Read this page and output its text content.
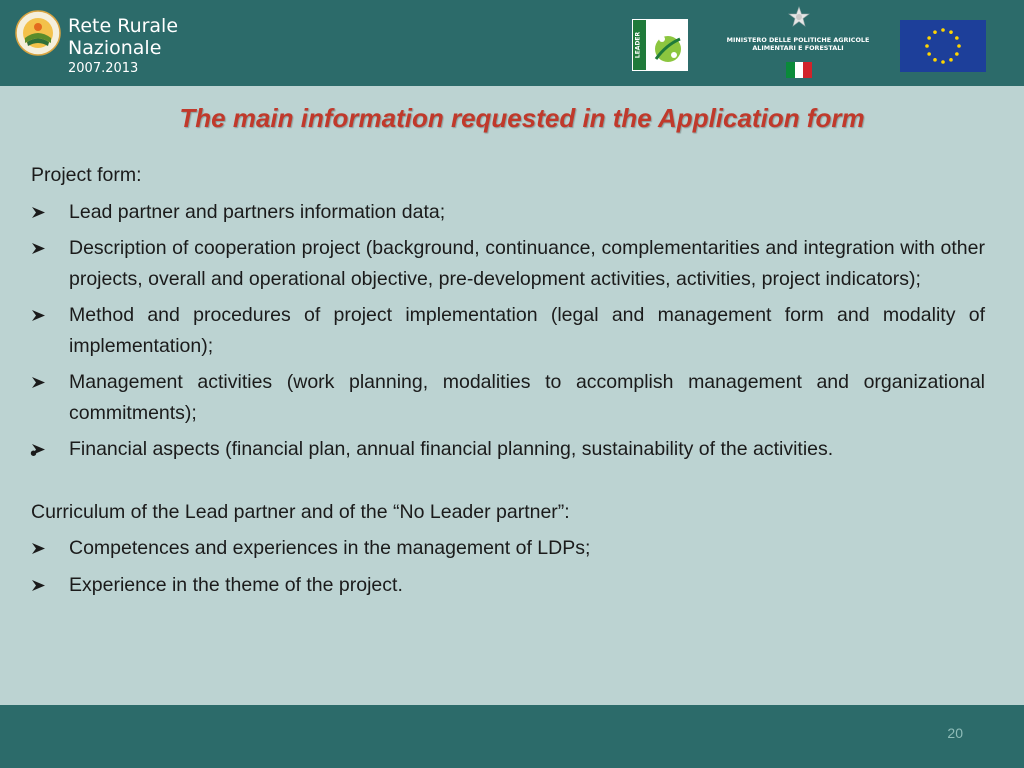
Rete Rurale
Nazionale
2007.2013
LEADER	MINISTERO DELLE POLITICHE AGRICOLE
ALIMENTARI E FORESTALI
The main information requested in the Application form

Project form:

Lead partner and partners information data;
Description of cooperation project (background, continuance, complementarities and integration with other projects, overall and operational objective, pre-development activities, activities, project indicators);
Method and procedures of project implementation (legal and management form and modality of implementation);
Management activities (work planning, modalities to accomplish management and organizational commitments);
Financial aspects (financial plan, annual financial planning, sustainability of the activities.

Curriculum of the Lead partner and of the “No Leader partner”:

Competences and experiences in the management of LDPs;
Experience in the theme of the project.
•
20
